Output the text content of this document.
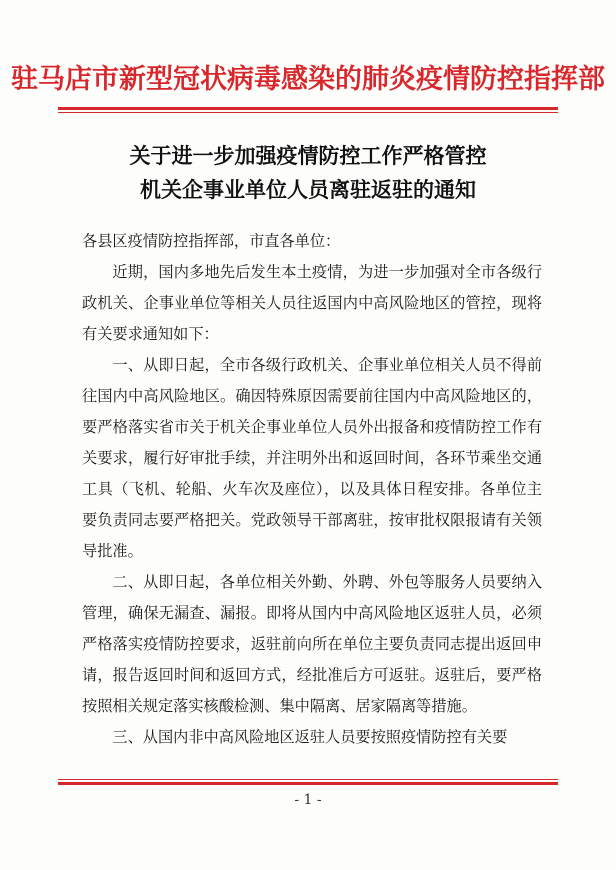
驻马店市新型冠状病毒感染的肺炎疫情防控指挥部
关于进一步加强疫情防控工作严格管控
机关企事业单位人员离驻返驻的通知

各县区疫情防控指挥部，市直各单位：

近期，国内多地先后发生本土疫情，为进一步加强对全市各级行政机关、企事业单位等相关人员往返国内中高风险地区的管控，现将有关要求通知如下：

一、从即日起，全市各级行政机关、企事业单位相关人员不得前往国内中高风险地区。确因特殊原因需要前往国内中高风险地区的，要严格落实省市关于机关企事业单位人员外出报备和疫情防控工作有关要求，履行好审批手续，并注明外出和返回时间，各环节乘坐交通工具（飞机、轮船、火车次及座位），以及具体日程安排。各单位主要负责同志要严格把关。党政领导干部离驻，按审批权限报请有关领导批准。

二、从即日起，各单位相关外勤、外聘、外包等服务人员要纳入管理，确保无漏查、漏报。即将从国内中高风险地区返驻人员，必须严格落实疫情防控要求，返驻前向所在单位主要负责同志提出返回申请，报告返回时间和返回方式，经批准后方可返驻。返驻后，要严格按照相关规定落实核酸检测、集中隔离、居家隔离等措施。

三、从国内非中高风险地区返驻人员要按照疫情防控有关要

- 1 -
